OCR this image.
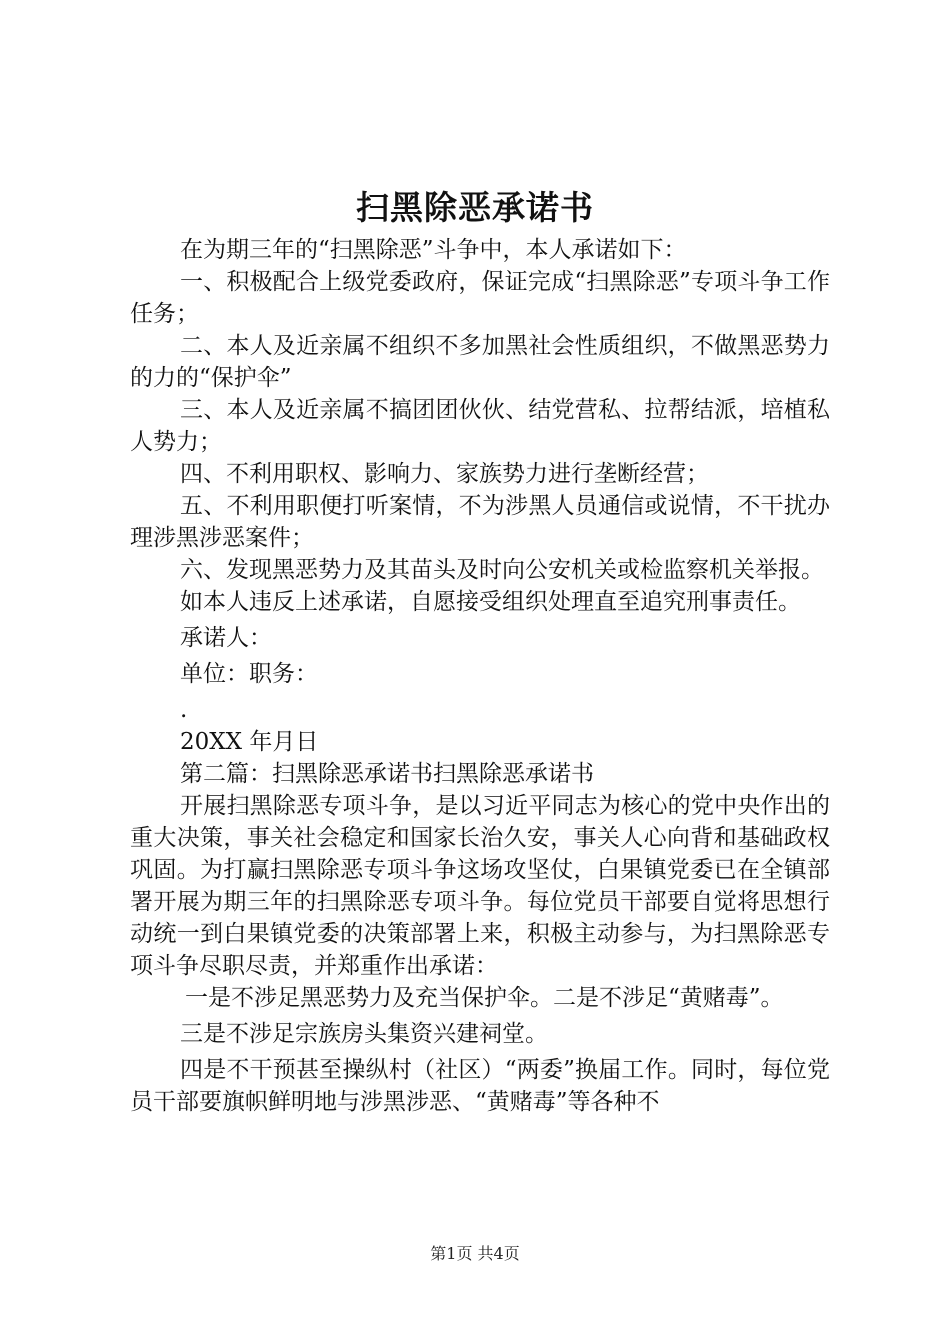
扫黑除恶承诺书

在为期三年的“扫黑除恶”斗争中，本人承诺如下：

一、积极配合上级党委政府，保证完成“扫黑除恶”专项斗争工作任务；

二、本人及近亲属不组织不多加黑社会性质组织，不做黑恶势力的力的“保护伞”

三、本人及近亲属不搞团团伙伙、结党营私、拉帮结派，培植私人势力；

四、不利用职权、影响力、家族势力进行垄断经营；

五、不利用职便打听案情，不为涉黑人员通信或说情，不干扰办理涉黑涉恶案件；

六、发现黑恶势力及其苗头及时向公安机关或检监察机关举报。

如本人违反上述承诺，自愿接受组织处理直至追究刑事责任。

承诺人：

单位：职务：

.

20XX 年月日

第二篇：扫黑除恶承诺书扫黑除恶承诺书

开展扫黑除恶专项斗争，是以习近平同志为核心的党中央作出的重大决策，事关社会稳定和国家长治久安，事关人心向背和基础政权巩固。为打赢扫黑除恶专项斗争这场攻坚仗，白果镇党委已在全镇部署开展为期三年的扫黑除恶专项斗争。每位党员干部要自觉将思想行动统一到白果镇党委的决策部署上来，积极主动参与，为扫黑除恶专项斗争尽职尽责，并郑重作出承诺：

一是不涉足黑恶势力及充当保护伞。二是不涉足“黄赌毒”。

三是不涉足宗族房头集资兴建祠堂。

四是不干预甚至操纵村（社区）“两委”换届工作。同时，每位党员干部要旗帜鲜明地与涉黑涉恶、“黄赌毒”等各种不

第1页 共4页
